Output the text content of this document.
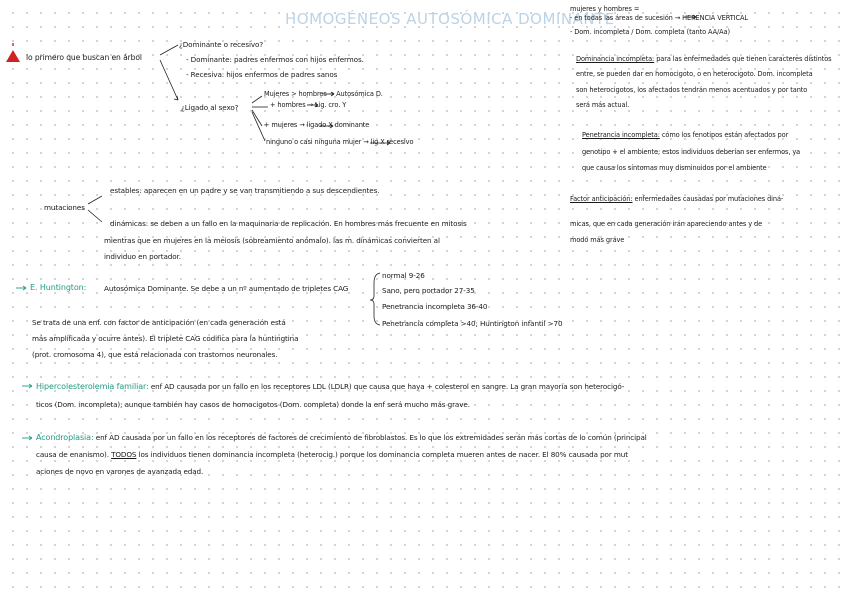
HOMOGÉNEOS AUTOSÓMICA DOMINANTE
lo primero que buscan en árbol
¿Dominante o recesivo?
- Dominante: padres enfermos con hijos enfermos.
- Recesiva: hijos enfermos de padres sanos
¿Ligado al sexo?
Mujeres > hombres → Autosómica D.
+ hombres → Lig. cro. Y
+ mujeres → ligado X dominante
ninguno o casi ninguna mujer → lig X recesivo
mujeres y hombres =
- en todas las áreas de sucesión → HERENCIA VERTICAL
- Dom. incompleta / Dom. completa (tanto AA/Aa)
Dominancia incompleta: para las enfermedades que tienen caracteres distintos
entre, se pueden dar en homocigoto, o en heterocigoto. Dom. incompleta
son heterocigotos, los afectados tendrán menos acentuados y por tanto
será más actual.
Penetrancia incompleta: cómo los fenotipos están afectados por
genotipo + el ambiente; estos individuos deberían ser enfermos, ya
que causa los síntomas muy disminuidos por el ambiente
Factor anticipación: enfermedades causadas por mutaciones diná-
micas, que en cada generación irán apareciendo antes y de
modo más grave
mutaciones
estables: aparecen en un padre y se van transmitiendo a sus descendientes.
dinámicas: se deben a un fallo en la maquinaria de replicación. En hombres más frecuente en mitosis
mientras que en mujeres en la meiosis (sobreamiento anómalo). las m. dinámicas convierten al
individuo en portador.
E. Huntington: Autosómica Dominante. Se debe a un nº aumentado de tripletes CAG
normal 9-26
Sano, pero portador 27-35
Penetrancia incompleta 36-40
Penetrancia completa >40; Huntington infantil >70
Se trata de una enf. con factor de anticipación (en cada generación está
más amplificada y ocurre antes). El triplete CAG codifica para la huntingtina
(prot. cromosoma 4), que está relacionada con trastornos neuronales.
Hipercolesterolemia familiar: enf AD causada por un fallo en los receptores LDL (LDLR) que causa que haya + colesterol en sangre. La gran mayoría son heterocigó-
ticos (Dom. incompleta); aunque también hay casos de homocigotos (Dom. completa) donde la enf será mucho más grave.
Acondroplasia: enf AD causada por un fallo en los receptores de factores de crecimiento de fibroblastos. Es lo que los extremidades serán más cortas de lo común (principal
causa de enanismo). TODOS los individuos tienen dominancia incompleta (heterocig.) porque los dominancia completa mueren antes de nacer. El 80% causada por mut
aciones de novo en varones de avanzada edad.
